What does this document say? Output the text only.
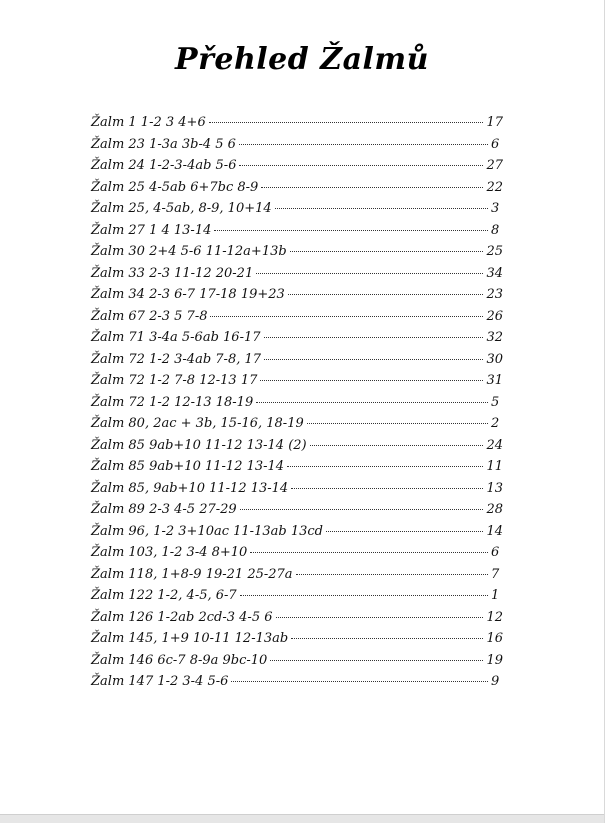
Přehled Žalmů
Žalm 1 1-2 3 4+6	17
Žalm 23 1-3a 3b-4 5 6	6
Žalm 24 1-2-3-4ab 5-6	27
Žalm 25 4-5ab 6+7bc 8-9	22
Žalm 25, 4-5ab, 8-9, 10+14	3
Žalm 27 1 4 13-14	8
Žalm 30 2+4 5-6 11-12a+13b	25
Žalm 33 2-3 11-12 20-21	34
Žalm 34 2-3 6-7 17-18 19+23	23
Žalm 67 2-3 5 7-8	26
Žalm 71 3-4a 5-6ab 16-17	32
Žalm 72 1-2 3-4ab 7-8, 17	30
Žalm 72 1-2 7-8 12-13 17	31
Žalm 72 1-2 12-13 18-19	5
Žalm 80, 2ac + 3b, 15-16, 18-19	2
Žalm 85 9ab+10 11-12 13-14 (2)	24
Žalm 85 9ab+10 11-12 13-14	11
Žalm 85, 9ab+10 11-12 13-14	13
Žalm 89 2-3 4-5 27-29	28
Žalm 96, 1-2 3+10ac 11-13ab 13cd	14
Žalm 103, 1-2 3-4 8+10	6
Žalm 118, 1+8-9 19-21 25-27a	7
Žalm 122 1-2, 4-5, 6-7	1
Žalm 126 1-2ab 2cd-3 4-5 6	12
Žalm 145, 1+9 10-11 12-13ab	16
Žalm 146 6c-7 8-9a 9bc-10	19
Žalm 147 1-2 3-4 5-6	9
